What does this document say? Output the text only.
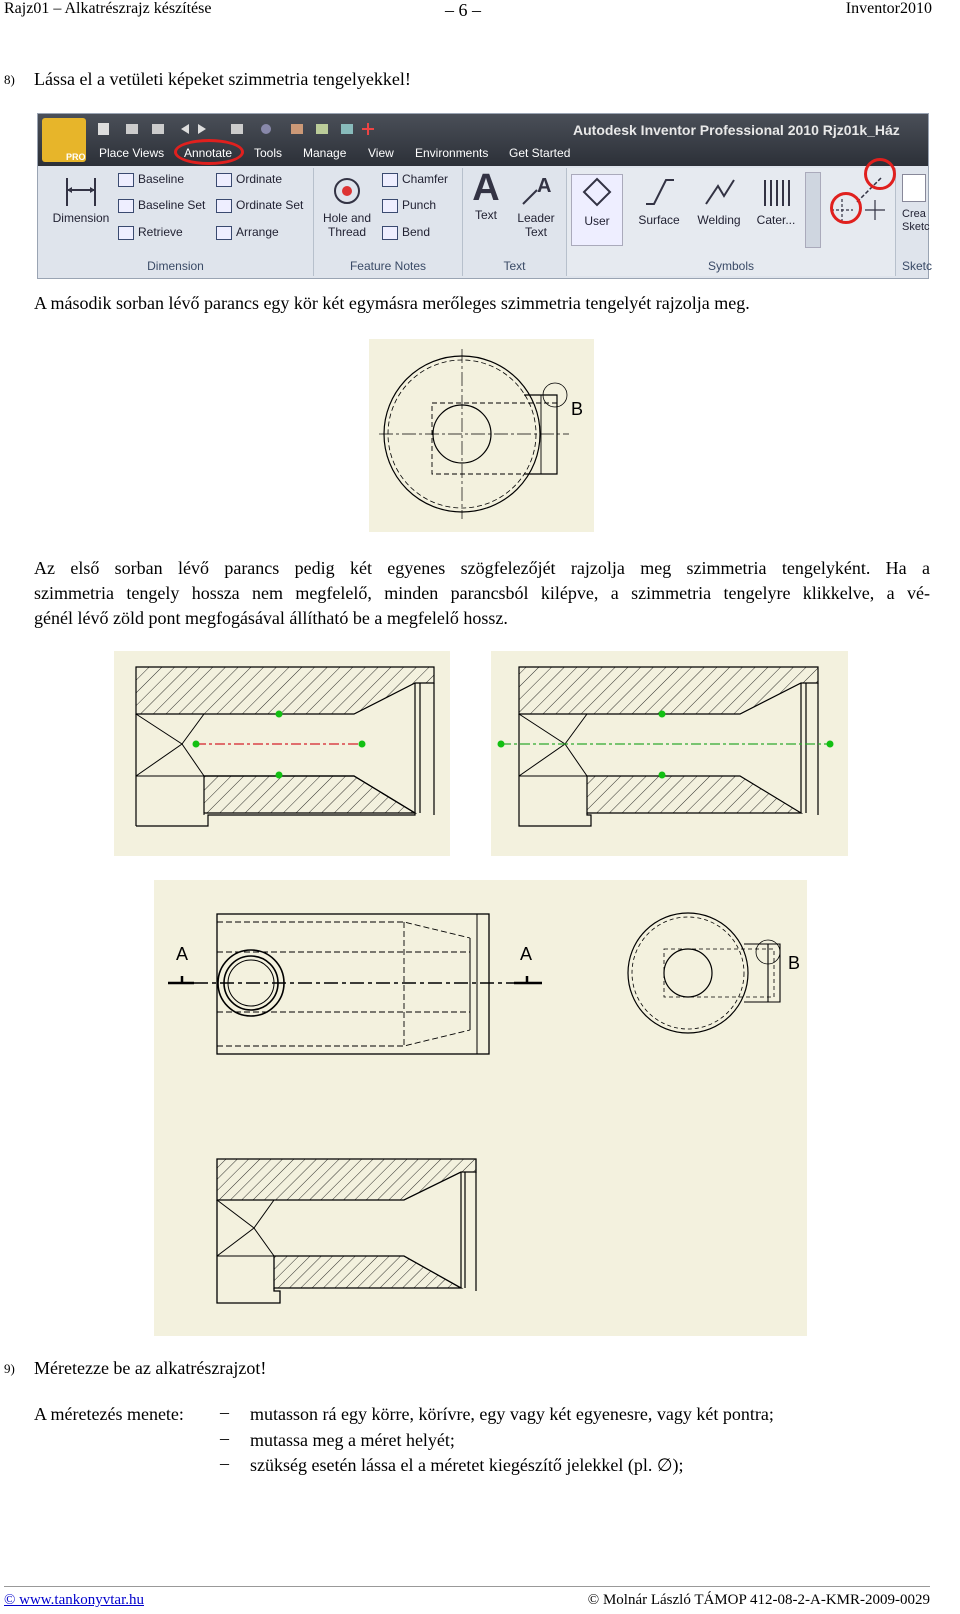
Rajz01 – Alkatrészrajz készítése	– 6 –	Inventor2010
8) Lássa el a vetületi képeket szimmetria tengelyekkel!
PRO
Autodesk Inventor Professional 2010 Rjz01k_Ház
Place Views Annotate Tools Manage View Environments Get Started
Dimension
Baseline
Baseline Set
Retrieve
Ordinate
Ordinate Set
Arrange
Dimension
Hole and Thread
Chamfer
Punch
Bend
Feature Notes
A
Text
A
Leader Text
Text
User	Surface	Welding	Cater...
Symbols
Crea Sketc
Sketc
A második sorban lévő parancs egy kör két egymásra merőleges szimmetria tengelyét rajzolja meg.
B
Az első sorban lévő parancs pedig két egyenes szögfelezőjét rajzolja meg szimmetria tengelyként. Ha a
szimmetria tengely hossza nem megfelelő, minden parancsból kilépve, a szimmetria tengelyre klikkelve, a vé-
génél lévő zöld pont megfogásával állítható be a megfelelő hossz.
A	A	B
9) Méretezze be az alkatrészrajzot!
A méretezés menete: – mutasson rá egy körre, körívre, egy vagy két egyenesre, vagy két pontra;
– mutassa meg a méret helyét;
– szükség esetén lássa el a méretet kiegészítő jelekkel (pl. ∅);
© www.tankonyvtar.hu	© Molnár László TÁMOP 412-08-2-A-KMR-2009-0029
